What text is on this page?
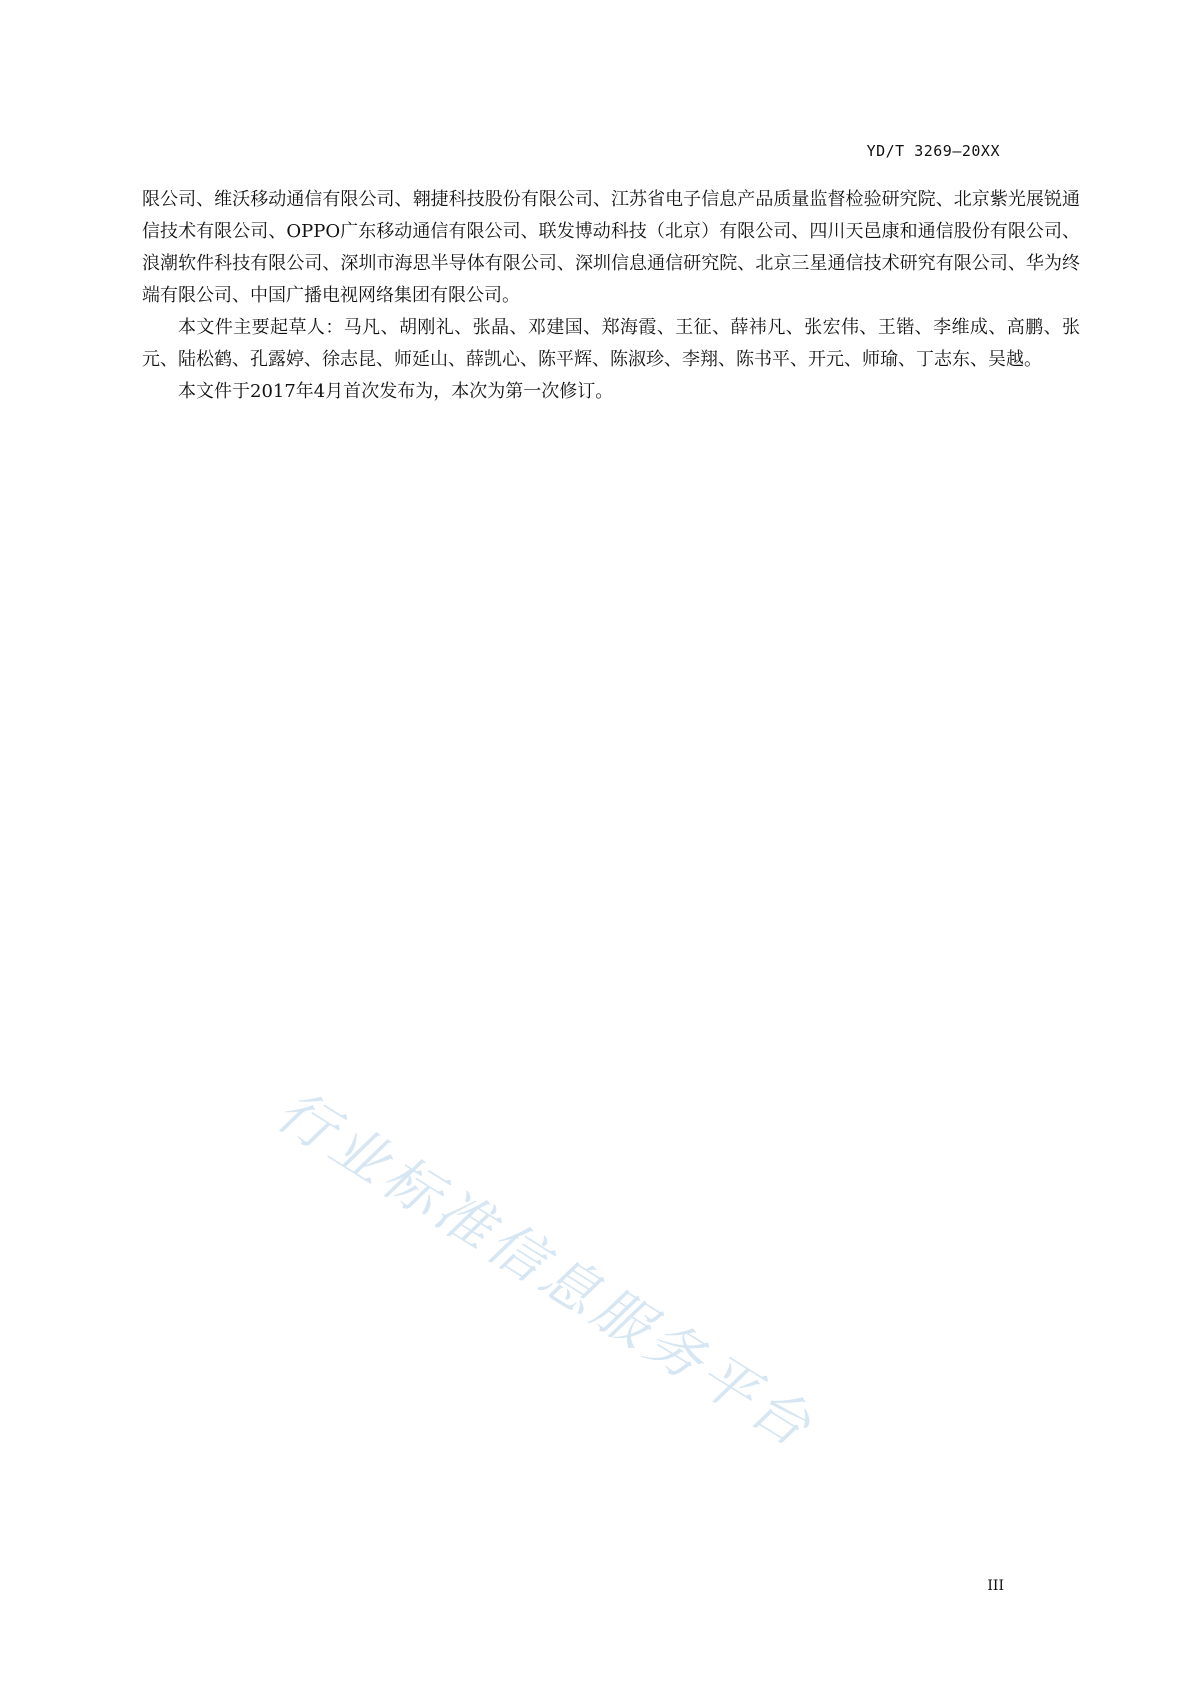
YD/T 3269—20XX

限公司、维沃移动通信有限公司、翱捷科技股份有限公司、江苏省电子信息产品质量监督检验研究院、北京紫光展锐通信技术有限公司、OPPO广东移动通信有限公司、联发博动科技（北京）有限公司、四川天邑康和通信股份有限公司、浪潮软件科技有限公司、深圳市海思半导体有限公司、深圳信息通信研究院、北京三星通信技术研究有限公司、华为终端有限公司、中国广播电视网络集团有限公司。

本文件主要起草人：马凡、胡刚礼、张晶、邓建国、郑海霞、王征、薛祎凡、张宏伟、王锴、李维成、高鹏、张元、陆松鹤、孔露婷、徐志昆、师延山、薛凯心、陈平辉、陈淑珍、李翔、陈书平、开元、师瑜、丁志东、吴越。

本文件于2017年4月首次发布为，本次为第一次修订。

行业标准信息服务平台
III
